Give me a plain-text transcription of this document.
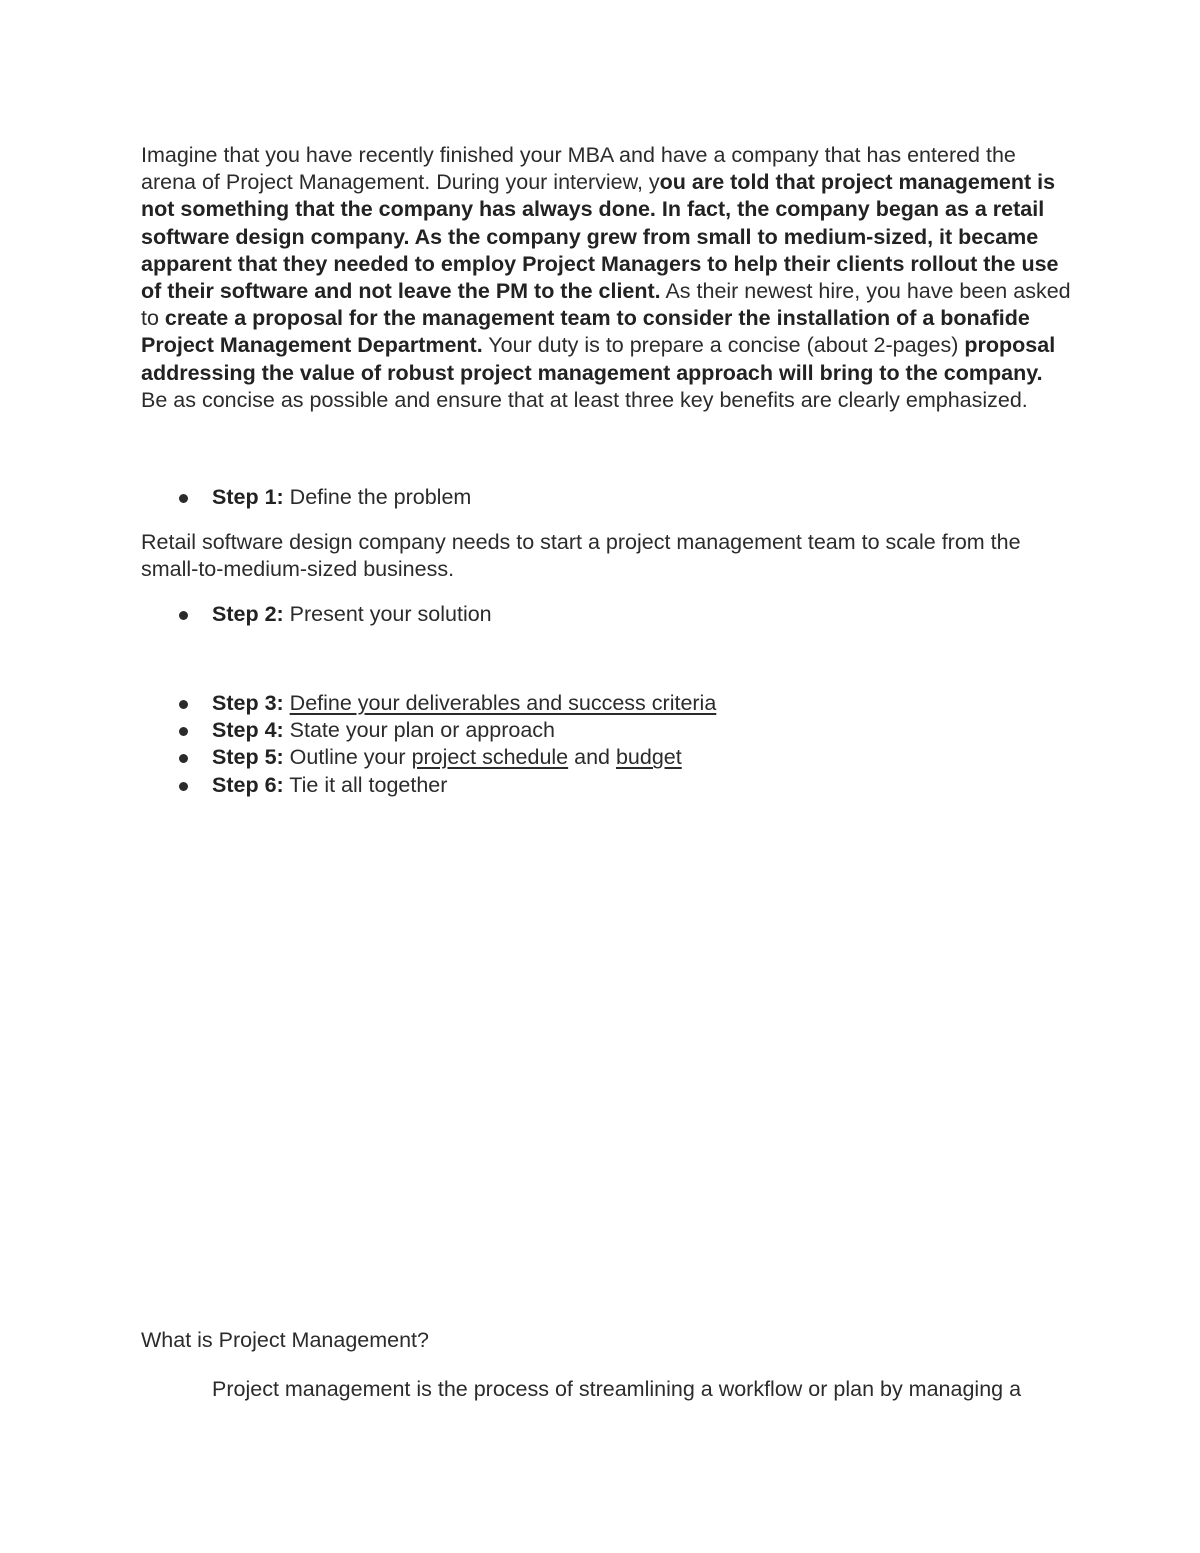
Imagine that you have recently finished your MBA and have a company that has entered the arena of Project Management. During your interview, you are told that project management is not something that the company has always done. In fact, the company began as a retail software design company. As the company grew from small to medium-sized, it became apparent that they needed to employ Project Managers to help their clients rollout the use of their software and not leave the PM to the client. As their newest hire, you have been asked to create a proposal for the management team to consider the installation of a bonafide Project Management Department. Your duty is to prepare a concise (about 2-pages) proposal addressing the value of robust project management approach will bring to the company. Be as concise as possible and ensure that at least three key benefits are clearly emphasized.

Step 1: Define the problem

Retail software design company needs to start a project management team to scale from the small-to-medium-sized business.

Step 2: Present your solution
Step 3: Define your deliverables and success criteria
Step 4: State your plan or approach
Step 5: Outline your project schedule and budget
Step 6: Tie it all together

What is Project Management?

Project management is the process of streamlining a workflow or plan by managing a
